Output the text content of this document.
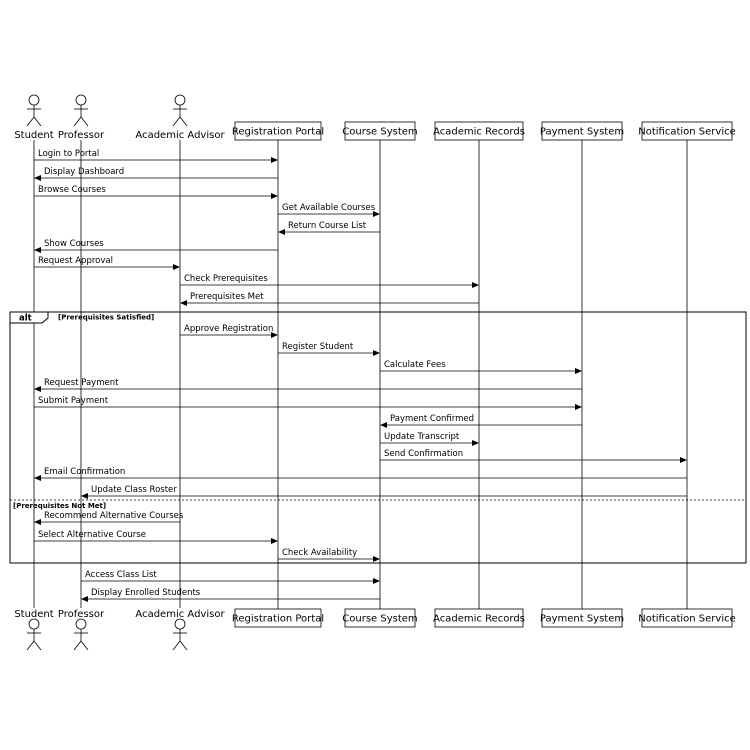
alt	[Prerequisites Satisfied]
[Prerequisites Not Met]
Student
Student
Professor
Professor
Academic Advisor
Academic Advisor
Registration Portal
Registration Portal
Course System
Course System
Academic Records
Academic Records
Payment System
Payment System
Notification Service
Notification Service
Login to Portal
Display Dashboard
Browse Courses
Get Available Courses
Return Course List
Show Courses
Request Approval
Check Prerequisites
Prerequisites Met
Approve Registration
Register Student
Calculate Fees
Request Payment
Submit Payment
Payment Confirmed
Update Transcript
Send Confirmation
Email Confirmation
Update Class Roster
Recommend Alternative Courses
Select Alternative Course
Check Availability
Access Class List
Display Enrolled Students
